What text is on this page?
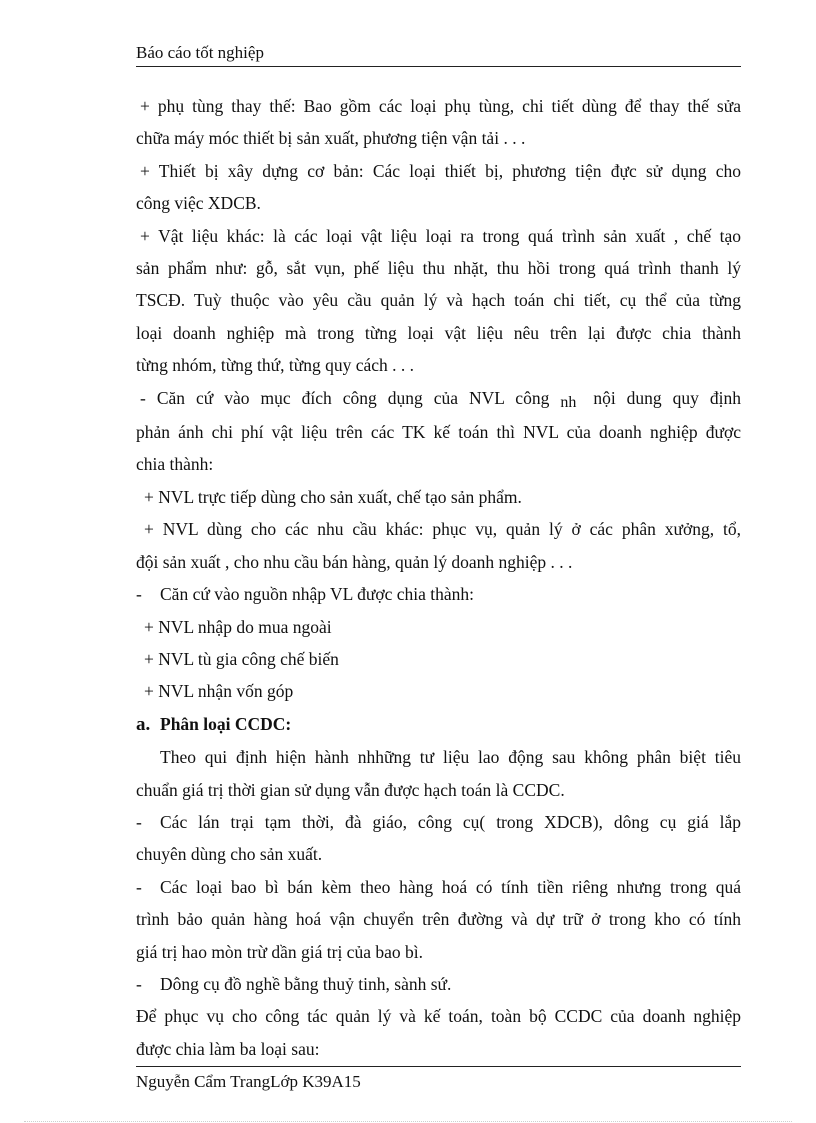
Báo cáo tốt nghiệp

+ phụ tùng thay thế: Bao gồm các loại phụ tùng, chi tiết dùng để thay thế sửa

chữa máy móc thiết bị sản xuất, phương tiện vận tải . . .

+ Thiết bị xây dựng cơ bản: Các loại thiết bị, phương tiện đực sử dụng cho

công việc XDCB.

+ Vật liệu khác: là các loại vật liệu loại ra trong quá trình sản xuất , chế tạo

sản phẩm như: gỗ, sắt vụn, phế liệu thu nhặt, thu hồi trong quá trình thanh lý

TSCĐ. Tuỳ thuộc vào yêu cầu quản lý và hạch toán chi tiết, cụ thể của từng

loại doanh nghiệp mà trong từng loại vật liệu nêu trên lại được chia thành

từng nhóm, từng thứ, từng quy cách . . .

- Căn cứ vào mục đích công dụng của NVL công nh nội dung quy định

phản ánh chi phí vật liệu trên các TK kế toán thì NVL của doanh nghiệp được

chia thành:

+ NVL trực tiếp dùng cho sản xuất, chế tạo sản phẩm.

+ NVL dùng cho các nhu cầu khác: phục vụ, quản lý ở các phân xưởng, tổ,

đội sản xuất , cho nhu cầu bán hàng, quản lý doanh nghiệp . . .

- Căn cứ vào nguồn nhập VL được chia thành:

+ NVL nhập do mua ngoài

+ NVL tù gia công chế biến

+ NVL nhận vốn góp

a. Phân loại CCDC:

Theo qui định hiện hành nhhững tư liệu lao động sau không phân biệt tiêu

chuẩn giá trị thời gian sử dụng vẫn được hạch toán là CCDC.

- Các lán trại tạm thời, đà giáo, công cụ( trong XDCB), dông cụ giá lắp

chuyên dùng cho sản xuất.

- Các loại bao bì bán kèm theo hàng hoá có tính tiền riêng nhưng trong quá

trình bảo quản hàng hoá vận chuyển trên đường và dự trữ ở trong kho có tính

giá trị hao mòn trừ dần giá trị của bao bì.

- Dông cụ đồ nghề bằng thuỷ tinh, sành sứ.

Để phục vụ cho công tác quản lý và kế toán, toàn bộ CCDC của doanh nghiệp

được chia làm ba loại sau:

Nguyễn Cẩm TrangLớp K39A15
